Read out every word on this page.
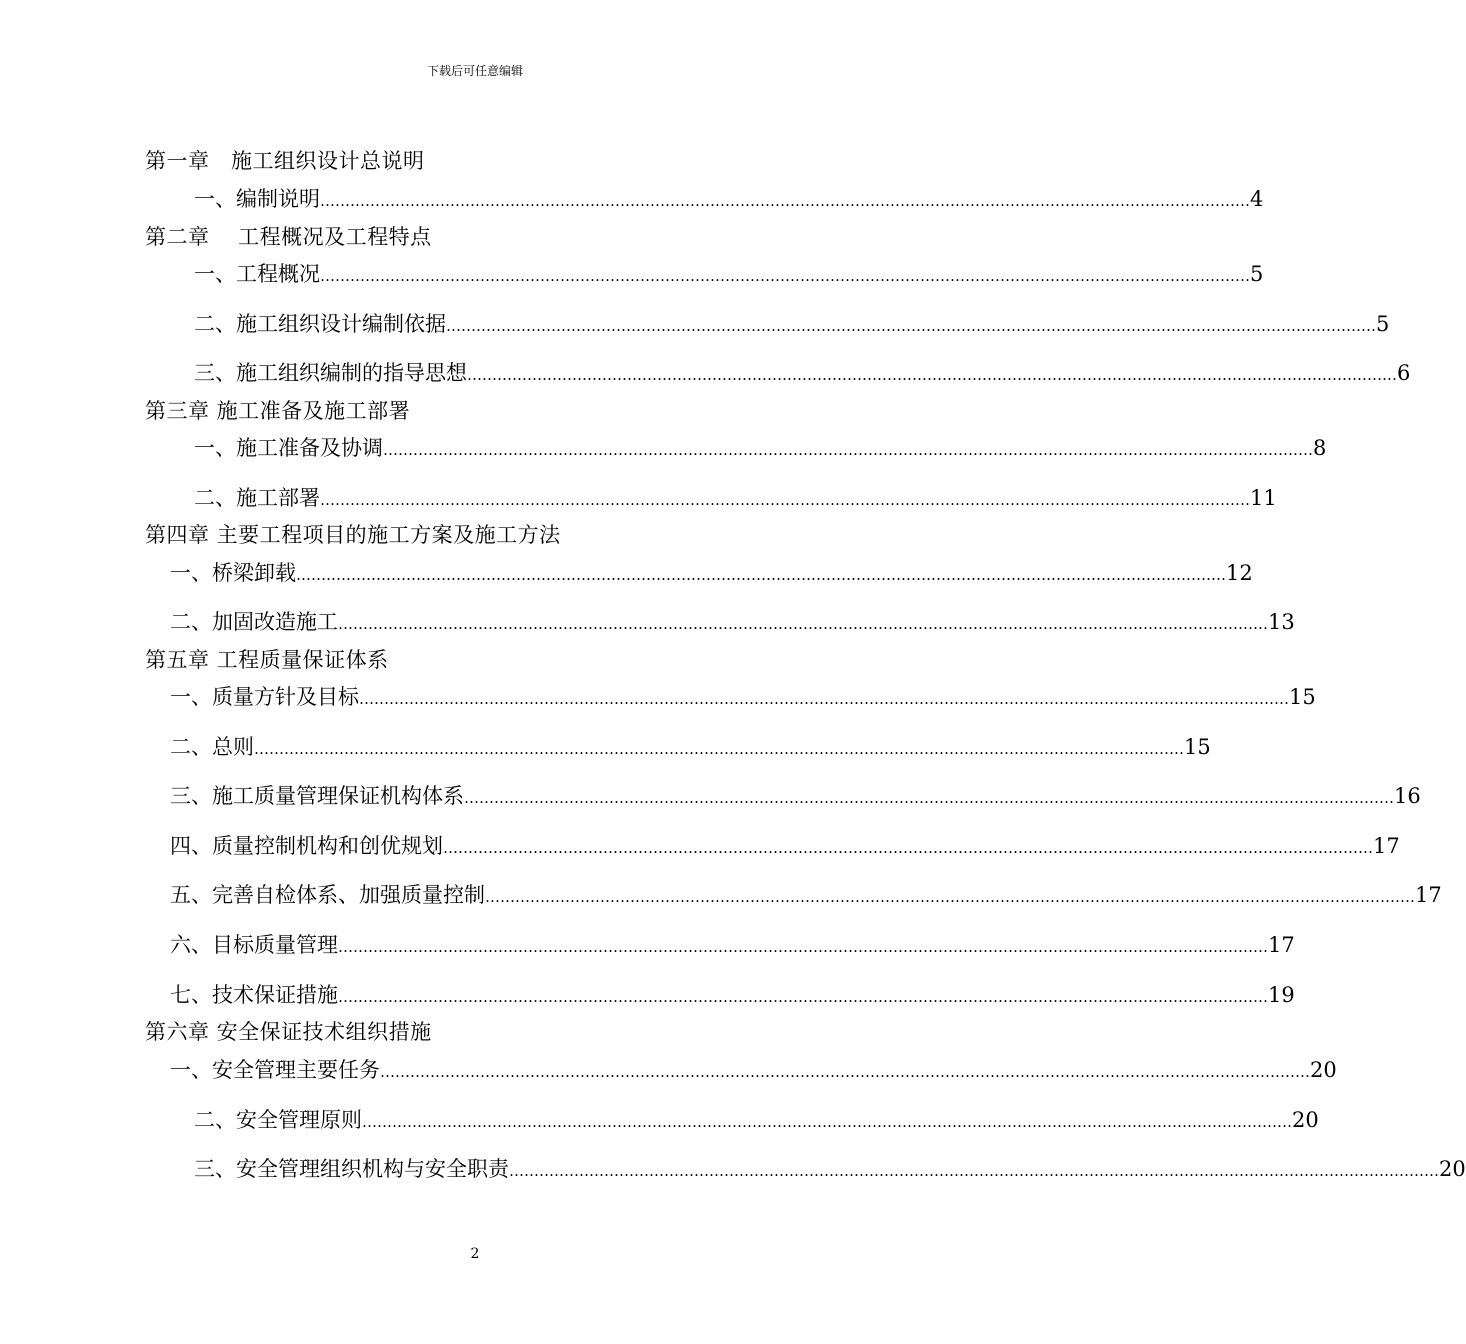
下载后可任意编辑
第一章　施工组织设计总说明
一、 编制说明 …………………………………………………………………………………………………………………………………………………………………… 4
第二章　 工程概况及工程特点
一、 工程概况 …………………………………………………………………………………………………………………………………………………………………… 5
二、 施工组织设计编制依据 …………………………………………………………………………………………………………………………………………………………………… 5
三、 施工组织编制的指导思想 …………………………………………………………………………………………………………………………………………………………………… 6
第三章 施工准备及施工部署
一、 施工准备及协调 …………………………………………………………………………………………………………………………………………………………………… 8
二、 施工部署 …………………………………………………………………………………………………………………………………………………………………… 11
第四章 主要工程项目的施工方案及施工方法
一、 桥梁卸载 …………………………………………………………………………………………………………………………………………………………………… 12
二、 加固改造施工 …………………………………………………………………………………………………………………………………………………………………… 13
第五章 工程质量保证体系
一、 质量方针及目标 …………………………………………………………………………………………………………………………………………………………………… 15
二、 总则 …………………………………………………………………………………………………………………………………………………………………… 15
三、 施工质量管理保证机构体系 …………………………………………………………………………………………………………………………………………………………………… 16
四、 质量控制机构和创优规划 …………………………………………………………………………………………………………………………………………………………………… 17
五、 完善自检体系、加强质量控制 …………………………………………………………………………………………………………………………………………………………………… 17
六、 目标质量管理 …………………………………………………………………………………………………………………………………………………………………… 17
七、 技术保证措施 …………………………………………………………………………………………………………………………………………………………………… 19
第六章 安全保证技术组织措施
一、 安全管理主要任务 …………………………………………………………………………………………………………………………………………………………………… 20
二、 安全管理原则 …………………………………………………………………………………………………………………………………………………………………… 20
三、 安全管理组织机构与安全职责 …………………………………………………………………………………………………………………………………………………………………… 20
2
